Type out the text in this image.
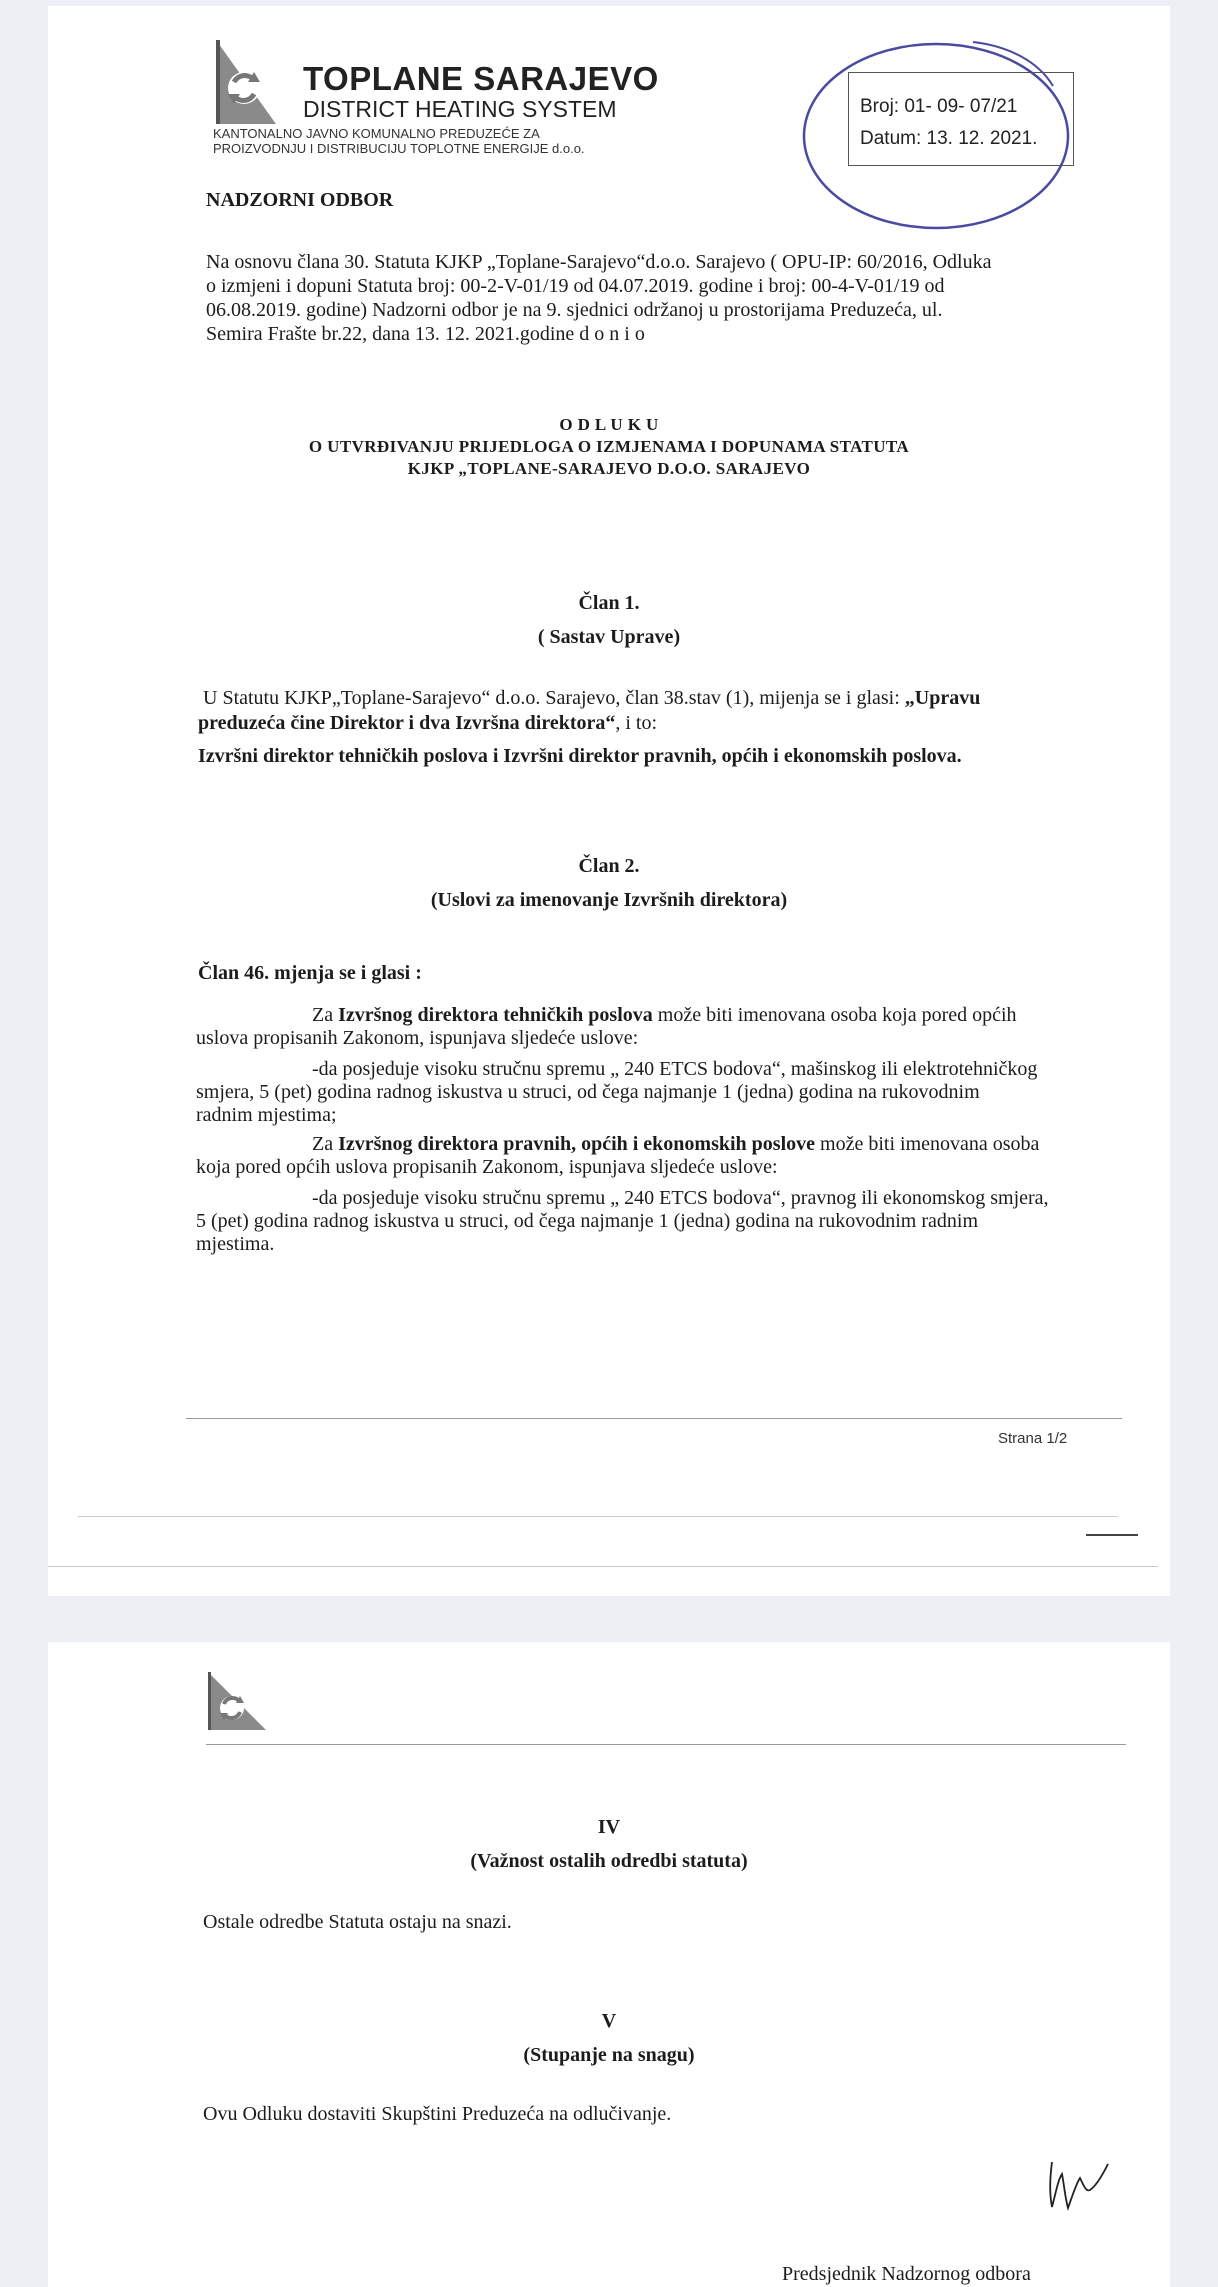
TOPLANE SARAJEVO
DISTRICT HEATING SYSTEM
KANTONALNO JAVNO KOMUNALNO PREDUZEĆE ZA
PROIZVODNJU I DISTRIBUCIJU TOPLOTNE ENERGIJE d.o.o.
Broj: 01- 09- 07/21
Datum: 13. 12. 2021.
NADZORNI ODBOR

Na osnovu člana 30. Statuta KJKP „Toplane-Sarajevo“d.o.o. Sarajevo ( OPU-IP: 60/2016, Odluka

o izmjeni i dopuni Statuta broj: 00-2-V-01/19 od 04.07.2019. godine i broj: 00-4-V-01/19 od

06.08.2019. godine) Nadzorni odbor je na 9. sjednici održanoj u prostorijama Preduzeća, ul.

Semira Frašte br.22, dana 13. 12. 2021.godine d o n i o

O D L U K U

O UTVRĐIVANJU PRIJEDLOGA O IZMJENAMA I DOPUNAMA STATUTA

KJKP „TOPLANE-SARAJEVO D.O.O. SARAJEVO

Član 1.

( Sastav Uprave)

U Statutu KJKP„Toplane-Sarajevo“ d.o.o. Sarajevo, član 38.stav (1), mijenja se i glasi: „Upravu

preduzeća čine Direktor i dva Izvršna direktora“, i to:

Izvršni direktor tehničkih poslova i Izvršni direktor pravnih, općih i ekonomskih poslova.

Član 2.

(Uslovi za imenovanje Izvršnih direktora)

Član 46. mjenja se i glasi :

Za Izvršnog direktora tehničkih poslova može biti imenovana osoba koja pored općih

uslova propisanih Zakonom, ispunjava sljedeće uslove:

-da posjeduje visoku stručnu spremu „ 240 ETCS bodova“, mašinskog ili elektrotehničkog

smjera, 5 (pet) godina radnog iskustva u struci, od čega najmanje 1 (jedna) godina na rukovodnim

radnim mjestima;

Za Izvršnog direktora pravnih, općih i ekonomskih poslove može biti imenovana osoba

koja pored općih uslova propisanih Zakonom, ispunjava sljedeće uslove:

-da posjeduje visoku stručnu spremu „ 240 ETCS bodova“, pravnog ili ekonomskog smjera,

5 (pet) godina radnog iskustva u struci, od čega najmanje 1 (jedna) godina na rukovodnim radnim

mjestima.

Strana 1/2

IV

(Važnost ostalih odredbi statuta)

Ostale odredbe Statuta ostaju na snazi.

V

(Stupanje na snagu)

Ovu Odluku dostaviti Skupštini Preduzeća na odlučivanje.
Predsjednik Nadzornog odbora
